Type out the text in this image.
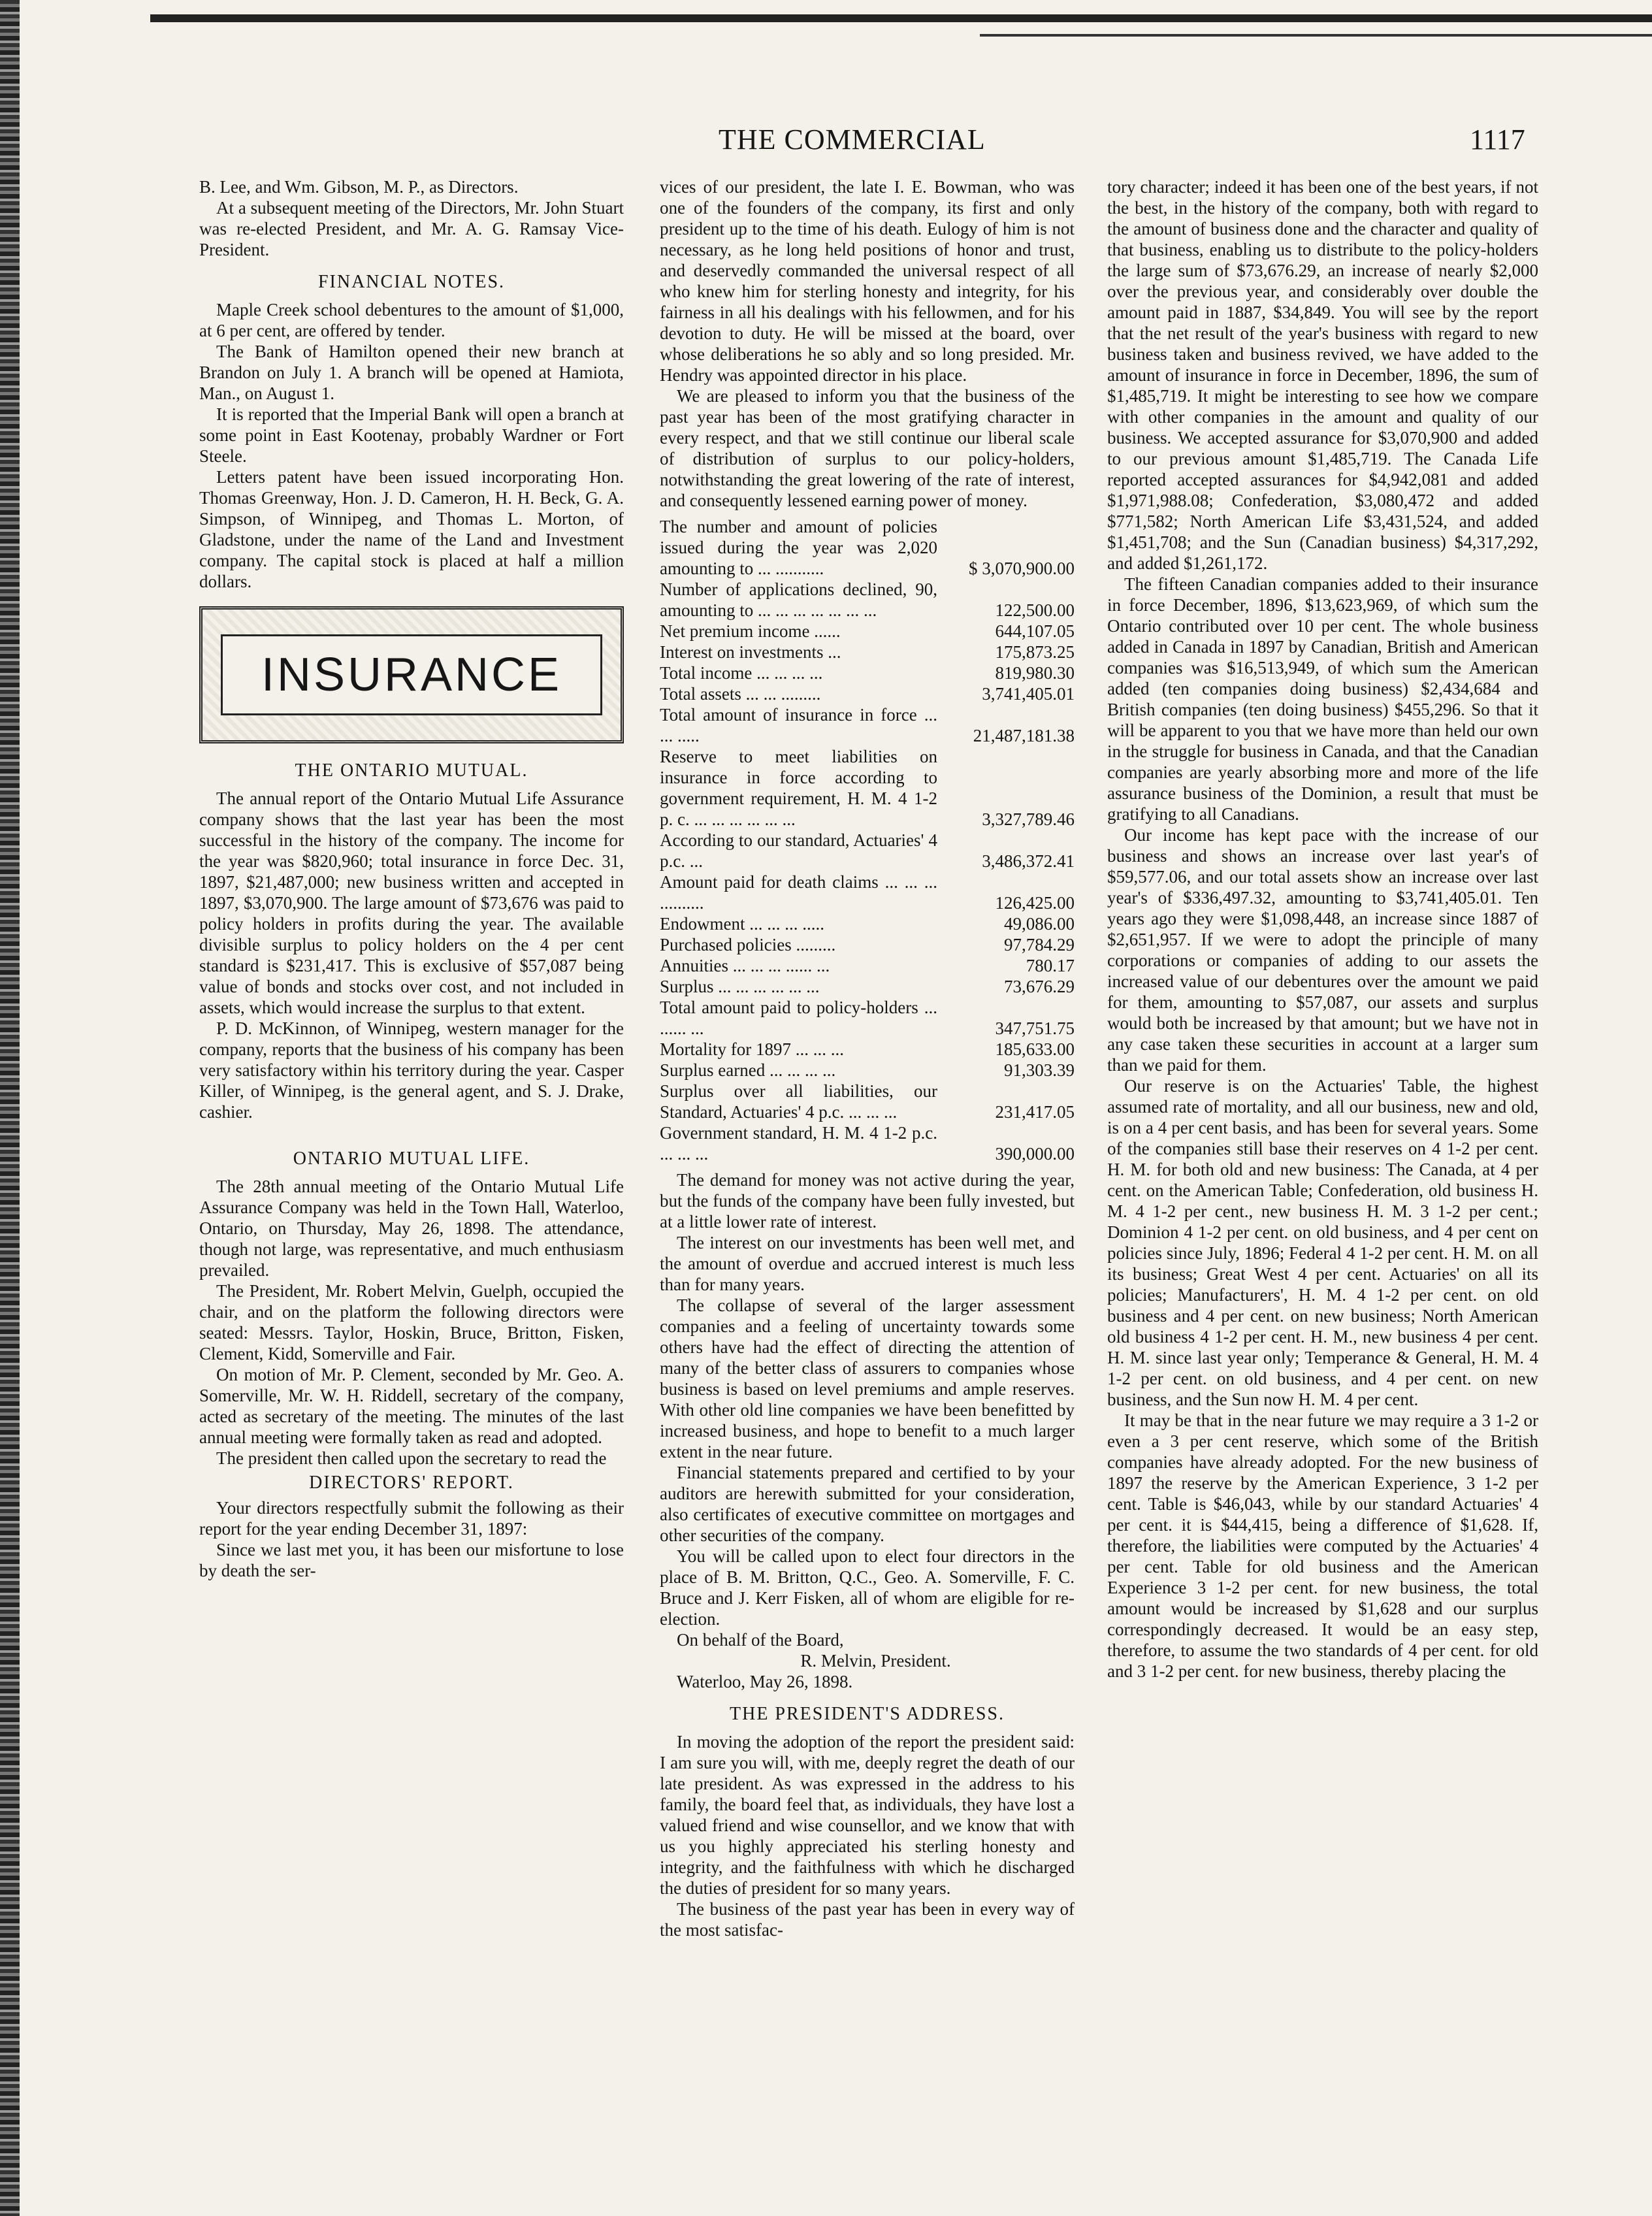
THE COMMERCIAL	1117

B. Lee, and Wm. Gibson, M. P., as Directors.

At a subsequent meeting of the Directors, Mr. John Stuart was re-elected President, and Mr. A. G. Ramsay Vice-President.

FINANCIAL NOTES.

Maple Creek school debentures to the amount of $1,000, at 6 per cent, are offered by tender.

The Bank of Hamilton opened their new branch at Brandon on July 1. A branch will be opened at Hamiota, Man., on August 1.

It is reported that the Imperial Bank will open a branch at some point in East Kootenay, probably Wardner or Fort Steele.

Letters patent have been issued incorporating Hon. Thomas Greenway, Hon. J. D. Cameron, H. H. Beck, G. A. Simpson, of Winnipeg, and Thomas L. Morton, of Gladstone, under the name of the Land and Investment company. The capital stock is placed at half a million dollars.

INSURANCE
THE ONTARIO MUTUAL.

The annual report of the Ontario Mutual Life Assurance company shows that the last year has been the most successful in the history of the company. The income for the year was $820,960; total insurance in force Dec. 31, 1897, $21,487,000; new business written and accepted in 1897, $3,070,900. The large amount of $73,676 was paid to policy holders in profits during the year. The available divisible surplus to policy holders on the 4 per cent standard is $231,417. This is exclusive of $57,087 being value of bonds and stocks over cost, and not included in assets, which would increase the surplus to that extent.

P. D. McKinnon, of Winnipeg, western manager for the company, reports that the business of his company has been very satisfactory within his territory during the year. Casper Killer, of Winnipeg, is the general agent, and S. J. Drake, cashier.

ONTARIO MUTUAL LIFE.

The 28th annual meeting of the Ontario Mutual Life Assurance Company was held in the Town Hall, Waterloo, Ontario, on Thursday, May 26, 1898. The attendance, though not large, was representative, and much enthusiasm prevailed.

The President, Mr. Robert Melvin, Guelph, occupied the chair, and on the platform the following directors were seated: Messrs. Taylor, Hoskin, Bruce, Britton, Fisken, Clement, Kidd, Somerville and Fair.

On motion of Mr. P. Clement, seconded by Mr. Geo. A. Somerville, Mr. W. H. Riddell, secretary of the company, acted as secretary of the meeting. The minutes of the last annual meeting were formally taken as read and adopted.

The president then called upon the secretary to read the

DIRECTORS' REPORT.

Your directors respectfully submit the following as their report for the year ending December 31, 1897:

Since we last met you, it has been our misfortune to lose by death the ser-

vices of our president, the late I. E. Bowman, who was one of the founders of the company, its first and only president up to the time of his death. Eulogy of him is not necessary, as he long held positions of honor and trust, and deservedly commanded the universal respect of all who knew him for sterling honesty and integrity, for his fairness in all his dealings with his fellowmen, and for his devotion to duty. He will be missed at the board, over whose deliberations he so ably and so long presided. Mr. Hendry was appointed director in his place.

We are pleased to inform you that the business of the past year has been of the most gratifying character in every respect, and that we still continue our liberal scale of distribution of surplus to our policy-holders, notwithstanding the great lowering of the rate of interest, and consequently lessened earning power of money.

The number and amount of policies issued during the year was 2,020 amounting to ... ...........	$ 3,070,900.00
Number of applications declined, 90, amounting to ... ... ... ... ... ... ...	122,500.00
Net premium income ......	644,107.05
Interest on investments ...	175,873.25
Total income ... ... ... ...	819,980.30
Total assets ... ... .........	3,741,405.01
Total amount of insurance in force ... ... .....	21,487,181.38
Reserve to meet liabilities on insurance in force according to government requirement, H. M. 4 1-2 p. c. ... ... ... ... ... ...	3,327,789.46
According to our standard, Actuaries' 4 p.c. ...	3,486,372.41
Amount paid for death claims ... ... ... ..........	126,425.00
Endowment ... ... ... .....	49,086.00
Purchased policies .........	97,784.29
Annuities ... ... ... ...... ...	780.17
Surplus ... ... ... ... ... ...	73,676.29
Total amount paid to policy-holders ... ...... ...	347,751.75
Mortality for 1897 ... ... ...	185,633.00
Surplus earned ... ... ... ...	91,303.39
Surplus over all liabilities, our Standard, Actuaries' 4 p.c. ... ... ...	231,417.05
Government standard, H. M. 4 1-2 p.c. ... ... ...	390,000.00

The demand for money was not active during the year, but the funds of the company have been fully invested, but at a little lower rate of interest.

The interest on our investments has been well met, and the amount of overdue and accrued interest is much less than for many years.

The collapse of several of the larger assessment companies and a feeling of uncertainty towards some others have had the effect of directing the attention of many of the better class of assurers to companies whose business is based on level premiums and ample reserves. With other old line companies we have been benefitted by increased business, and hope to benefit to a much larger extent in the near future.

Financial statements prepared and certified to by your auditors are herewith submitted for your consideration, also certificates of executive committee on mortgages and other securities of the company.

You will be called upon to elect four directors in the place of B. M. Britton, Q.C., Geo. A. Somerville, F. C. Bruce and J. Kerr Fisken, all of whom are eligible for re-election.

On behalf of the Board,

R. Melvin, President.

Waterloo, May 26, 1898.

THE PRESIDENT'S ADDRESS.

In moving the adoption of the report the president said: I am sure you will, with me, deeply regret the death of our late president. As was expressed in the address to his family, the board feel that, as individuals, they have lost a valued friend and wise counsellor, and we know that with us you highly appreciated his sterling honesty and integrity, and the faithfulness with which he discharged the duties of president for so many years.

The business of the past year has been in every way of the most satisfac-

tory character; indeed it has been one of the best years, if not the best, in the history of the company, both with regard to the amount of business done and the character and quality of that business, enabling us to distribute to the policy-holders the large sum of $73,676.29, an increase of nearly $2,000 over the previous year, and considerably over double the amount paid in 1887, $34,849. You will see by the report that the net result of the year's business with regard to new business taken and business revived, we have added to the amount of insurance in force in December, 1896, the sum of $1,485,719. It might be interesting to see how we compare with other companies in the amount and quality of our business. We accepted assurance for $3,070,900 and added to our previous amount $1,485,719. The Canada Life reported accepted assurances for $4,942,081 and added $1,971,988.08; Confederation, $3,080,472 and added $771,582; North American Life $3,431,524, and added $1,451,708; and the Sun (Canadian business) $4,317,292, and added $1,261,172.

The fifteen Canadian companies added to their insurance in force December, 1896, $13,623,969, of which sum the Ontario contributed over 10 per cent. The whole business added in Canada in 1897 by Canadian, British and American companies was $16,513,949, of which sum the American added (ten companies doing business) $2,434,684 and British companies (ten doing business) $455,296. So that it will be apparent to you that we have more than held our own in the struggle for business in Canada, and that the Canadian companies are yearly absorbing more and more of the life assurance business of the Dominion, a result that must be gratifying to all Canadians.

Our income has kept pace with the increase of our business and shows an increase over last year's of $59,577.06, and our total assets show an increase over last year's of $336,497.32, amounting to $3,741,405.01. Ten years ago they were $1,098,448, an increase since 1887 of $2,651,957. If we were to adopt the principle of many corporations or companies of adding to our assets the increased value of our debentures over the amount we paid for them, amounting to $57,087, our assets and surplus would both be increased by that amount; but we have not in any case taken these securities in account at a larger sum than we paid for them.

Our reserve is on the Actuaries' Table, the highest assumed rate of mortality, and all our business, new and old, is on a 4 per cent basis, and has been for several years. Some of the companies still base their reserves on 4 1-2 per cent. H. M. for both old and new business: The Canada, at 4 per cent. on the American Table; Confederation, old business H. M. 4 1-2 per cent., new business H. M. 3 1-2 per cent.; Dominion 4 1-2 per cent. on old business, and 4 per cent on policies since July, 1896; Federal 4 1-2 per cent. H. M. on all its business; Great West 4 per cent. Actuaries' on all its policies; Manufacturers', H. M. 4 1-2 per cent. on old business and 4 per cent. on new business; North American old business 4 1-2 per cent. H. M., new business 4 per cent. H. M. since last year only; Temperance & General, H. M. 4 1-2 per cent. on old business, and 4 per cent. on new business, and the Sun now H. M. 4 per cent.

It may be that in the near future we may require a 3 1-2 or even a 3 per cent reserve, which some of the British companies have already adopted. For the new business of 1897 the reserve by the American Experience, 3 1-2 per cent. Table is $46,043, while by our standard Actuaries' 4 per cent. it is $44,415, being a difference of $1,628. If, therefore, the liabilities were computed by the Actuaries' 4 per cent. Table for old business and the American Experience 3 1-2 per cent. for new business, the total amount would be increased by $1,628 and our surplus correspondingly decreased. It would be an easy step, therefore, to assume the two standards of 4 per cent. for old and 3 1-2 per cent. for new business, thereby placing the
